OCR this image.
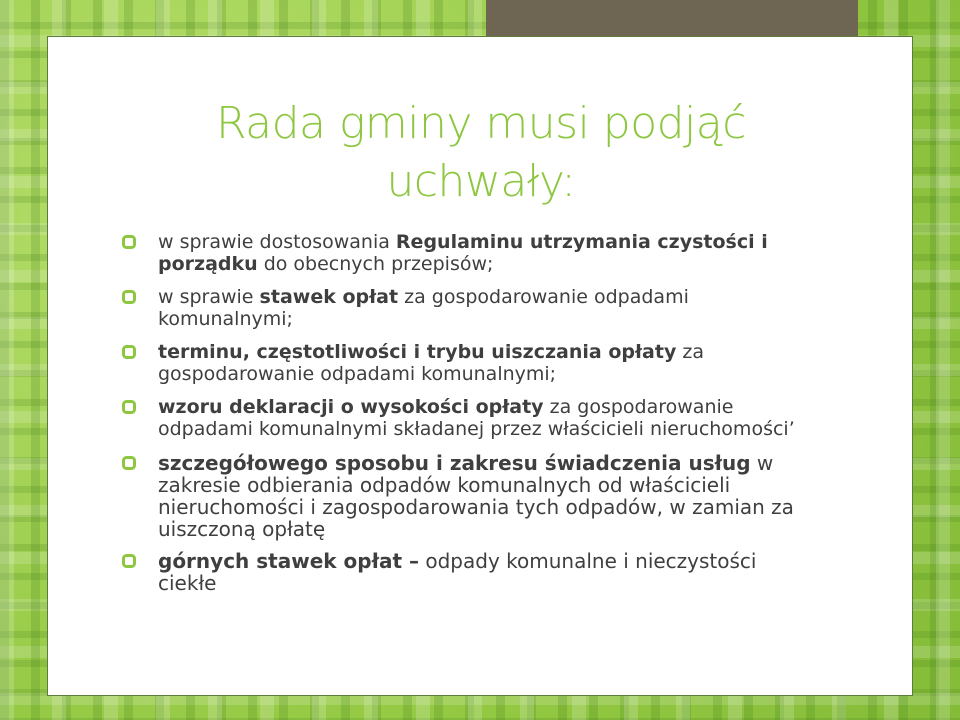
Rada gminy musi podjąć
uchwały:
w sprawie dostosowania Regulaminu utrzymania czystości i porządku do obecnych przepisów;
w sprawie stawek opłat za gospodarowanie odpadami komunalnymi;
terminu, częstotliwości i trybu uiszczania opłaty za gospodarowanie odpadami komunalnymi;
wzoru deklaracji o wysokości opłaty za gospodarowanie odpadami komunalnymi składanej przez właścicieli nieruchomości’
szczegółowego sposobu i zakresu świadczenia usług w zakresie odbierania odpadów komunalnych od właścicieli nieruchomości i zagospodarowania tych odpadów, w zamian za uiszczoną opłatę
górnych stawek opłat – odpady komunalne i nieczystości ciekłe
